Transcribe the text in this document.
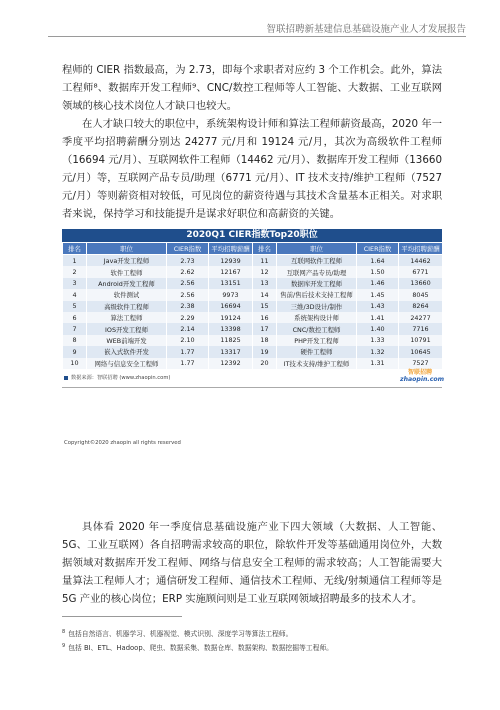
智联招聘新基建信息基础设施产业人才发展报告

程师的 CIER 指数最高，为 2.73，即每个求职者对应约 3 个工作机会。此外，算法工程师⁸、数据库开发工程师⁹、CNC/数控工程师等人工智能、大数据、工业互联网领域的核心技术岗位人才缺口也较大。

在人才缺口较大的职位中，系统架构设计师和算法工程师薪资最高，2020 年一季度平均招聘薪酬分别达 24277 元/月和 19124 元/月，其次为高级软件工程师（16694 元/月）、互联网软件工程师（14462 元/月）、数据库开发工程师（13660 元/月）等，互联网产品专员/助理（6771 元/月）、IT 技术支持/维护工程师（7527 元/月）等则薪资相对较低，可见岗位的薪资待遇与其技术含量基本正相关。对求职者来说，保持学习和技能提升是谋求好职位和高薪资的关键。

2020Q1 CIER指数Top20职位
排名	职位	CIER指数	平均招聘薪酬	排名	职位	CIER指数	平均招聘薪酬
1	Java开发工程师	2.73	12939	11	互联网软件工程师	1.64	14462
2	软件工程师	2.62	12167	12	互联网产品专员/助理	1.50	6771
3	Android开发工程师	2.56	13151	13	数据库开发工程师	1.46	13660
4	软件测试	2.56	9973	14	售前/售后技术支持工程师	1.45	8045
5	高级软件工程师	2.38	16694	15	三维/3D设计/制作	1.43	8264
6	算法工程师	2.29	19124	16	系统架构设计师	1.41	24277
7	IOS开发工程师	2.14	13398	17	CNC/数控工程师	1.40	7716
8	WEB前端开发	2.10	11825	18	PHP开发工程师	1.33	10791
9	嵌入式软件开发	1.77	13317	19	硬件工程师	1.32	10645
10	网络与信息安全工程师	1.77	12392	20	IT技术支持/维护工程师	1.31	7527
数据来源：智联招聘 (www.zhaopin.com)
智联招聘
zhaopin.com
Copyright©2020 zhaopin all rights reserved

具体看 2020 年一季度信息基础设施产业下四大领域（大数据、人工智能、5G、工业互联网）各自招聘需求较高的职位，除软件开发等基础通用岗位外，大数据领域对数据库开发工程师、网络与信息安全工程师的需求较高；人工智能需要大量算法工程师人才；通信研发工程师、通信技术工程师、无线/射频通信工程师等是 5G 产业的核心岗位；ERP 实施顾问则是工业互联网领域招聘最多的技术人才。

$^8$ 包括自然语言、机器学习、机器视觉、模式识别、深度学习等算法工程师。
$^9$ 包括 BI、ETL、Hadoop、爬虫、数据采集、数据仓库、数据架构、数据挖掘等工程师。
